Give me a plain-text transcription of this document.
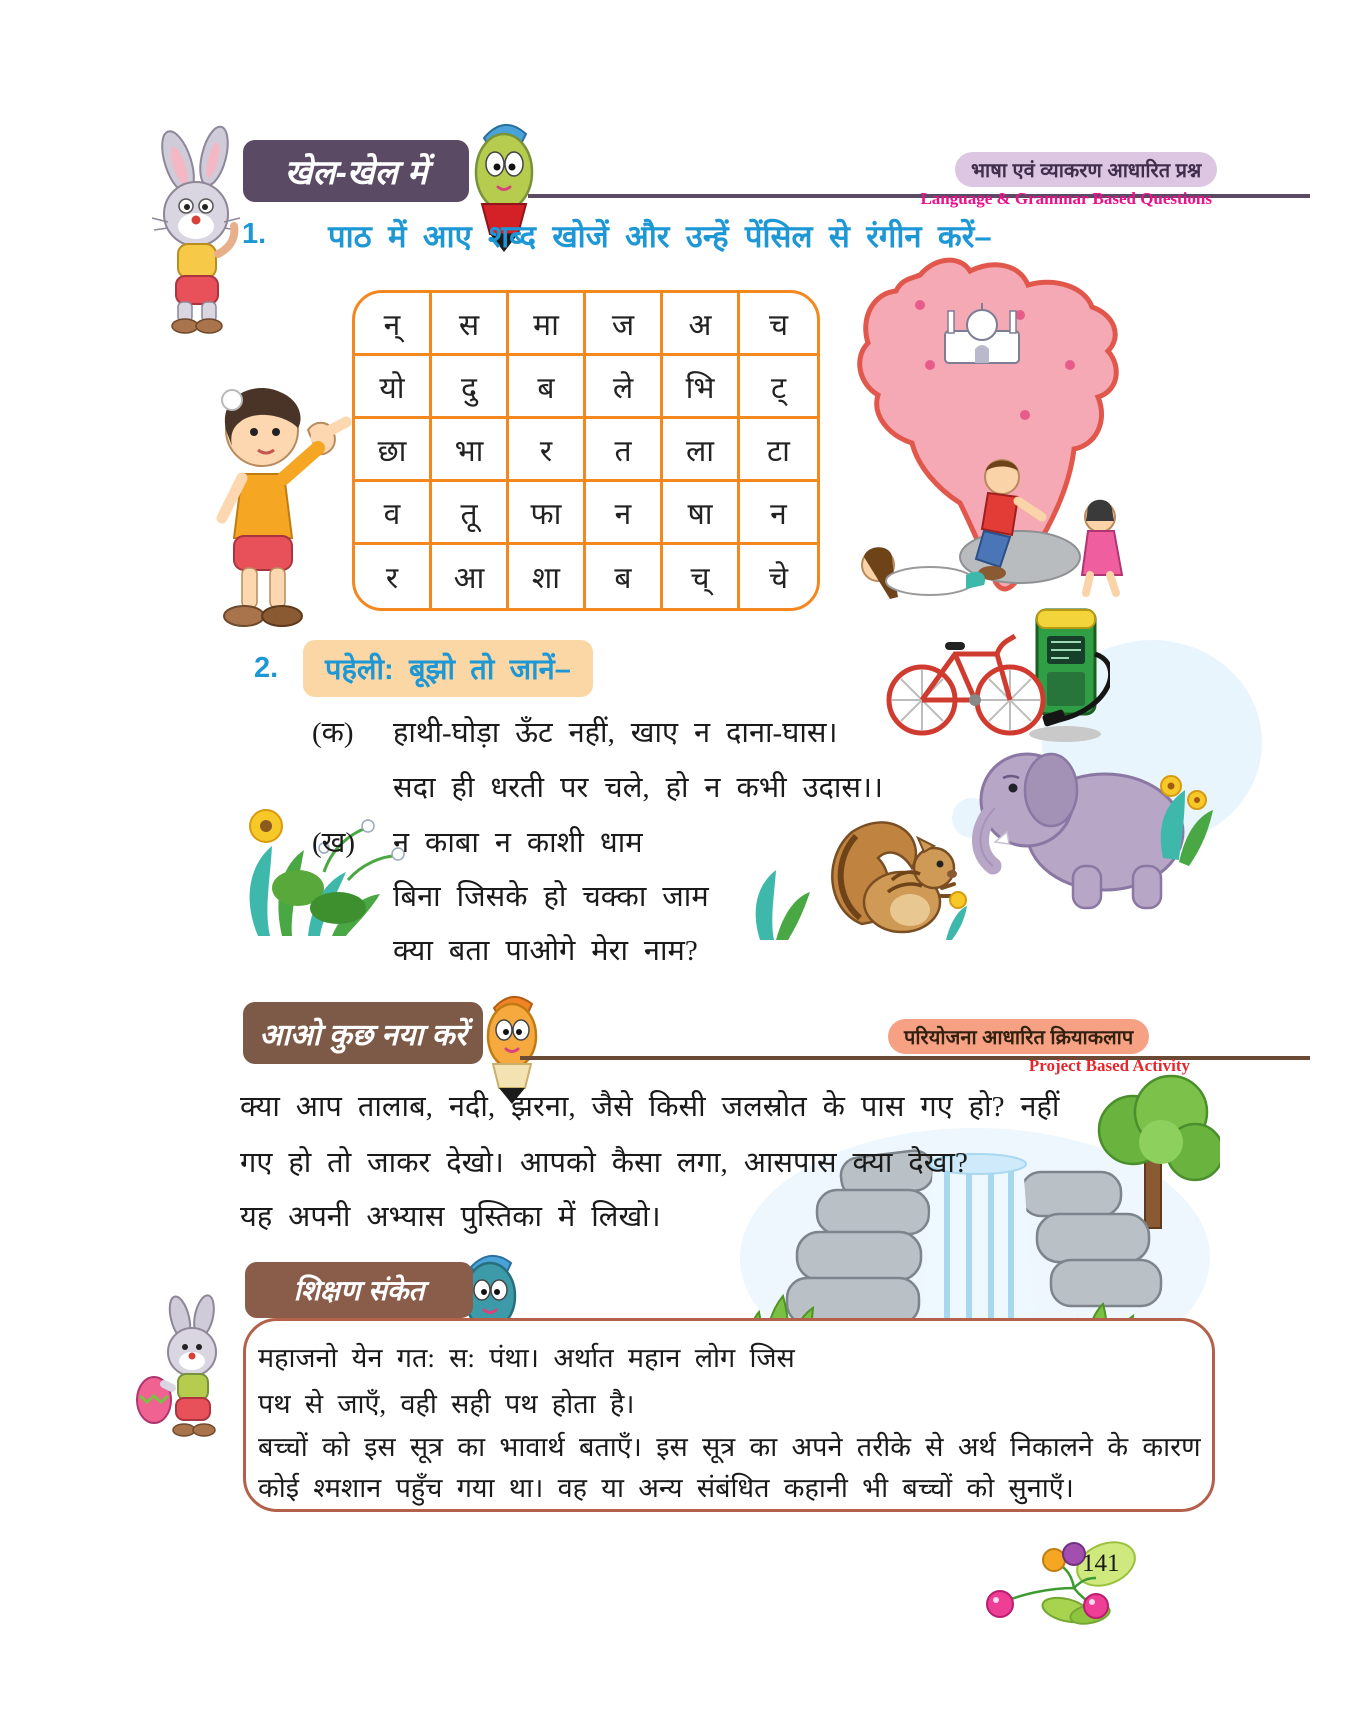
खेल-खेल में	भाषा एवं व्याकरण आधारित प्रश्न
Language & Grammar Based Questions
1. पाठ में आए शब्द खोजें और उन्हें पेंसिल से रंगीन करें–
न्	स	मा	ज	अ	च
यो	दु	ब	ले	भि	ट्
छा	भा	र	त	ला	टा
व	तू	फा	न	षा	न
र	आ	शा	ब	च्	चे
2.	पहेली: बूझो तो जानें–
(क) हाथी-घोड़ा ऊँट नहीं, खाए न दाना-घास।
सदा ही धरती पर चले, हो न कभी उदास।।
(ख) न काबा न काशी धाम
बिना जिसके हो चक्का जाम
क्या बता पाओगे मेरा नाम?
आओ कुछ नया करें	परियोजना आधारित क्रियाकलाप
Project Based Activity
क्या आप तालाब, नदी, झरना, जैसे किसी जलस्रोत के पास गए हो? नहीं
गए हो तो जाकर देखो। आपको कैसा लगा, आसपास क्या देखा?
यह अपनी अभ्यास पुस्तिका में लिखो।
शिक्षण संकेत
महाजनो येन गत: स: पंथा। अर्थात महान लोग जिस
पथ से जाएँ, वही सही पथ होता है।
बच्चों को इस सूत्र का भावार्थ बताएँ। इस सूत्र का अपने तरीके से अर्थ निकालने के कारण
कोई श्मशान पहुँच गया था। वह या अन्य संबंधित कहानी भी बच्चों को सुनाएँ।
141
